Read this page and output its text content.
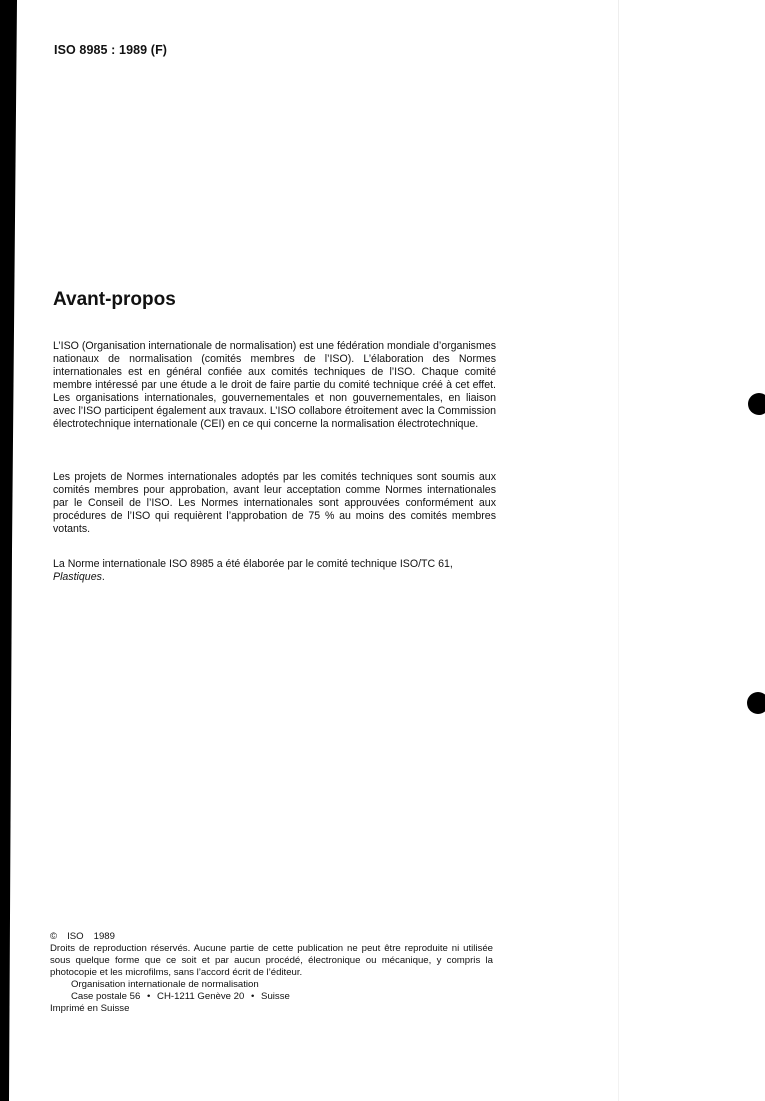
ISO 8985 : 1989 (F)
Avant-propos

L’ISO (Organisation internationale de normalisation) est une fédération mondiale d’organismes nationaux de normalisation (comités membres de l’ISO). L’élaboration des Normes internationales est en général confiée aux comités techniques de l’ISO. Chaque comité membre intéressé par une étude a le droit de faire partie du comité technique créé à cet effet. Les organisations internationales, gouvernementales et non gouvernementales, en liaison avec l’ISO participent également aux travaux. L’ISO collabore étroitement avec la Commission électrotechnique internationale (CEI) en ce qui concerne la normalisation électrotechnique.

Les projets de Normes internationales adoptés par les comités techniques sont soumis aux comités membres pour approbation, avant leur acceptation comme Normes internationales par le Conseil de l’ISO. Les Normes internationales sont approuvées conformément aux procédures de l’ISO qui requièrent l’approbation de 75 % au moins des comités membres votants.

La Norme internationale ISO 8985 a été élaborée par le comité technique ISO/TC 61,
Plastiques.

© ISO 1989

Droits de reproduction réservés. Aucune partie de cette publication ne peut être reproduite ni utilisée sous quelque forme que ce soit et par aucun procédé, électronique ou mécanique, y compris la photocopie et les microfilms, sans l’accord écrit de l’éditeur.

Organisation internationale de normalisation
Case postale 56 • CH-1211 Genève 20 • Suisse
Imprimé en Suisse
